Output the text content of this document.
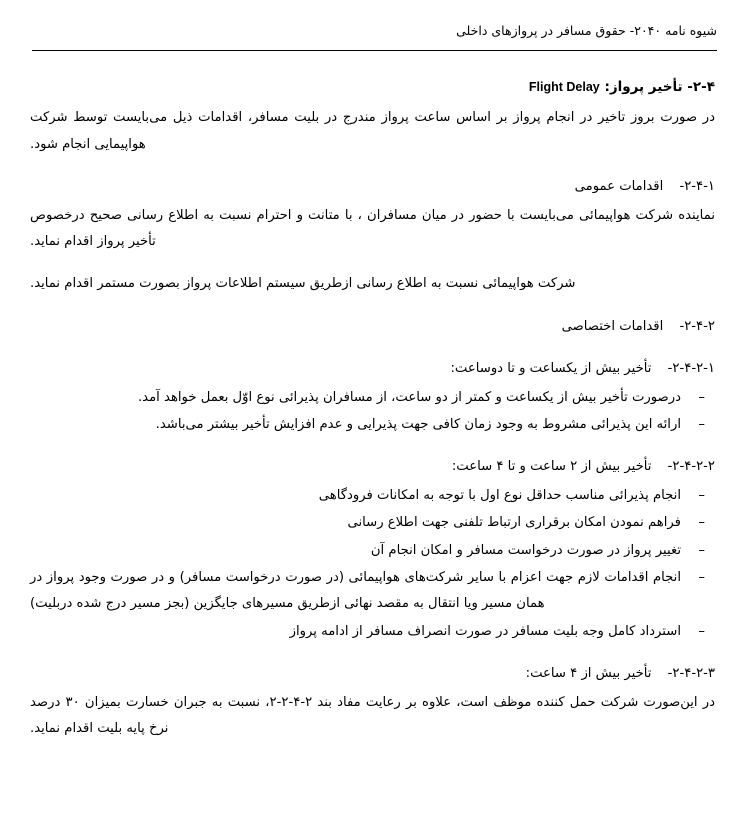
شیوه نامه ۲۰۴۰- حقوق مسافر در پروازهای داخلی
۲-۴- تأخیر پرواز: Flight Delay

در صورت بروز تاخیر در انجام پرواز بر اساس ساعت پرواز مندرج در بلیت مسافر، اقدامات ذیل می‌بایست توسط شرکت هواپیمایی انجام شود.

۲-۴-۱- اقدامات عمومی

نماینده شرکت هواپیمائی می‌بایست با حضور در میان مسافران ، با متانت و احترام نسبت به اطلاع رسانی صحیح درخصوص تأخیر پرواز اقدام نماید.

شرکت هواپیمائی نسبت به اطلاع رسانی ازطریق سیستم اطلاعات پرواز بصورت مستمر اقدام نماید.

۲-۴-۲- اقدامات اختصاصی
۲-۴-۲-۱- تأخیر بیش از یکساعت و تا دوساعت:
– درصورت تأخیر بیش از یکساعت و کمتر از دو ساعت، از مسافران پذیرائی نوع اوّل بعمل خواهد آمد.
– ارائه این پذیرائی مشروط به وجود زمان کافی جهت پذیرایی و عدم افزایش تأخیر بیشتر می‌باشد.
۲-۴-۲-۲- تأخیر بیش از ۲ ساعت و تا ۴ ساعت:
– انجام پذیرائی مناسب حداقل نوع اول با توجه به امکانات فرودگاهی
– فراهم نمودن امکان برقراری ارتباط تلفنی جهت اطلاع رسانی
– تغییر پرواز در صورت درخواست مسافر و امکان انجام آن
– انجام اقدامات لازم جهت اعزام با سایر شرکت‌های هواپیمائی (در صورت درخواست مسافر) و در صورت وجود پرواز در همان مسیر ویا انتقال به مقصد نهائی ازطریق مسیرهای جایگزین (بجز مسیر درج شده دربلیت)
– استرداد کامل وجه بلیت مسافر در صورت انصراف مسافر از ادامه پرواز
۲-۴-۲-۳- تأخیر بیش از ۴ ساعت:

در این‌صورت شرکت حمل کننده موظف است، علاوه بر رعایت مفاد بند ۲-۴-۲-۲، نسبت به جبران خسارت بمیزان ۳۰ درصد نرخ پایه بلیت اقدام نماید.
